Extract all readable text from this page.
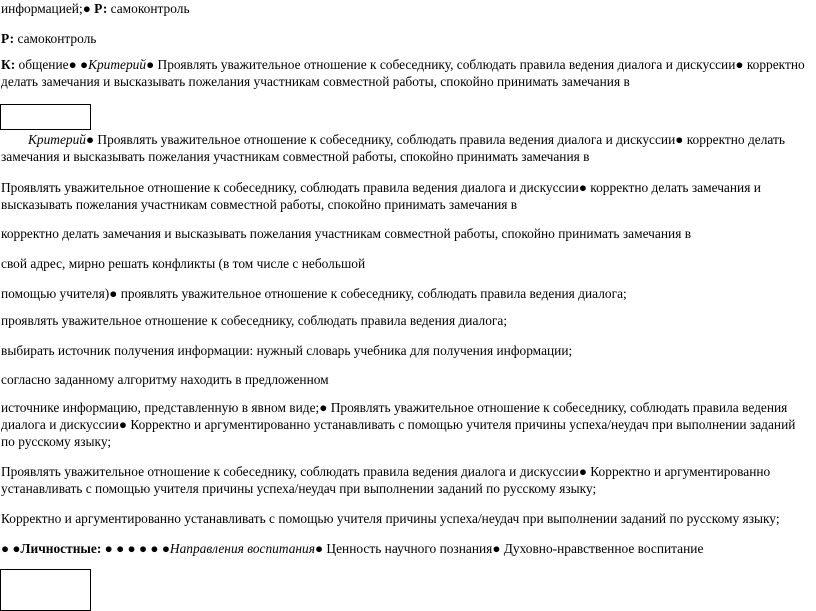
информацией;● Р: самоконтроль

Р: самоконтроль

К: общение● ●Критерий● Проявлять уважительное отношение к собеседнику, соблюдать правила ведения диалога и дискуссии● корректно делать замечания и высказывать пожелания участникам совместной работы, спокойно принимать замечания в

Критерий● Проявлять уважительное отношение к собеседнику, соблюдать правила ведения диалога и дискуссии● корректно делать замечания и высказывать пожелания участникам совместной работы, спокойно принимать замечания в

Проявлять уважительное отношение к собеседнику, соблюдать правила ведения диалога и дискуссии● корректно делать замечания и высказывать пожелания участникам совместной работы, спокойно принимать замечания в

корректно делать замечания и высказывать пожелания участникам совместной работы, спокойно принимать замечания в

свой адрес, мирно решать конфликты (в том числе с небольшой

помощью учителя)● проявлять уважительное отношение к собеседнику, соблюдать правила ведения диалога;

проявлять уважительное отношение к собеседнику, соблюдать правила ведения диалога;

выбирать источник получения информации: нужный словарь учебника для получения информации;

согласно заданному алгоритму находить в предложенном

источнике информацию, представленную в явном виде;● Проявлять уважительное отношение к собеседнику, соблюдать правила ведения диалога и дискуссии● Корректно и аргументированно устанавливать с помощью учителя причины успеха/неудач при выполнении заданий по русскому языку;

Проявлять уважительное отношение к собеседнику, соблюдать правила ведения диалога и дискуссии● Корректно и аргументированно устанавливать с помощью учителя причины успеха/неудач при выполнении заданий по русскому языку;

Корректно и аргументированно устанавливать с помощью учителя причины успеха/неудач при выполнении заданий по русскому языку;

● ●Личностные: ● ● ● ● ● ●Направления воспитания● Ценность научного познания● Духовно-нравственное воспитание
